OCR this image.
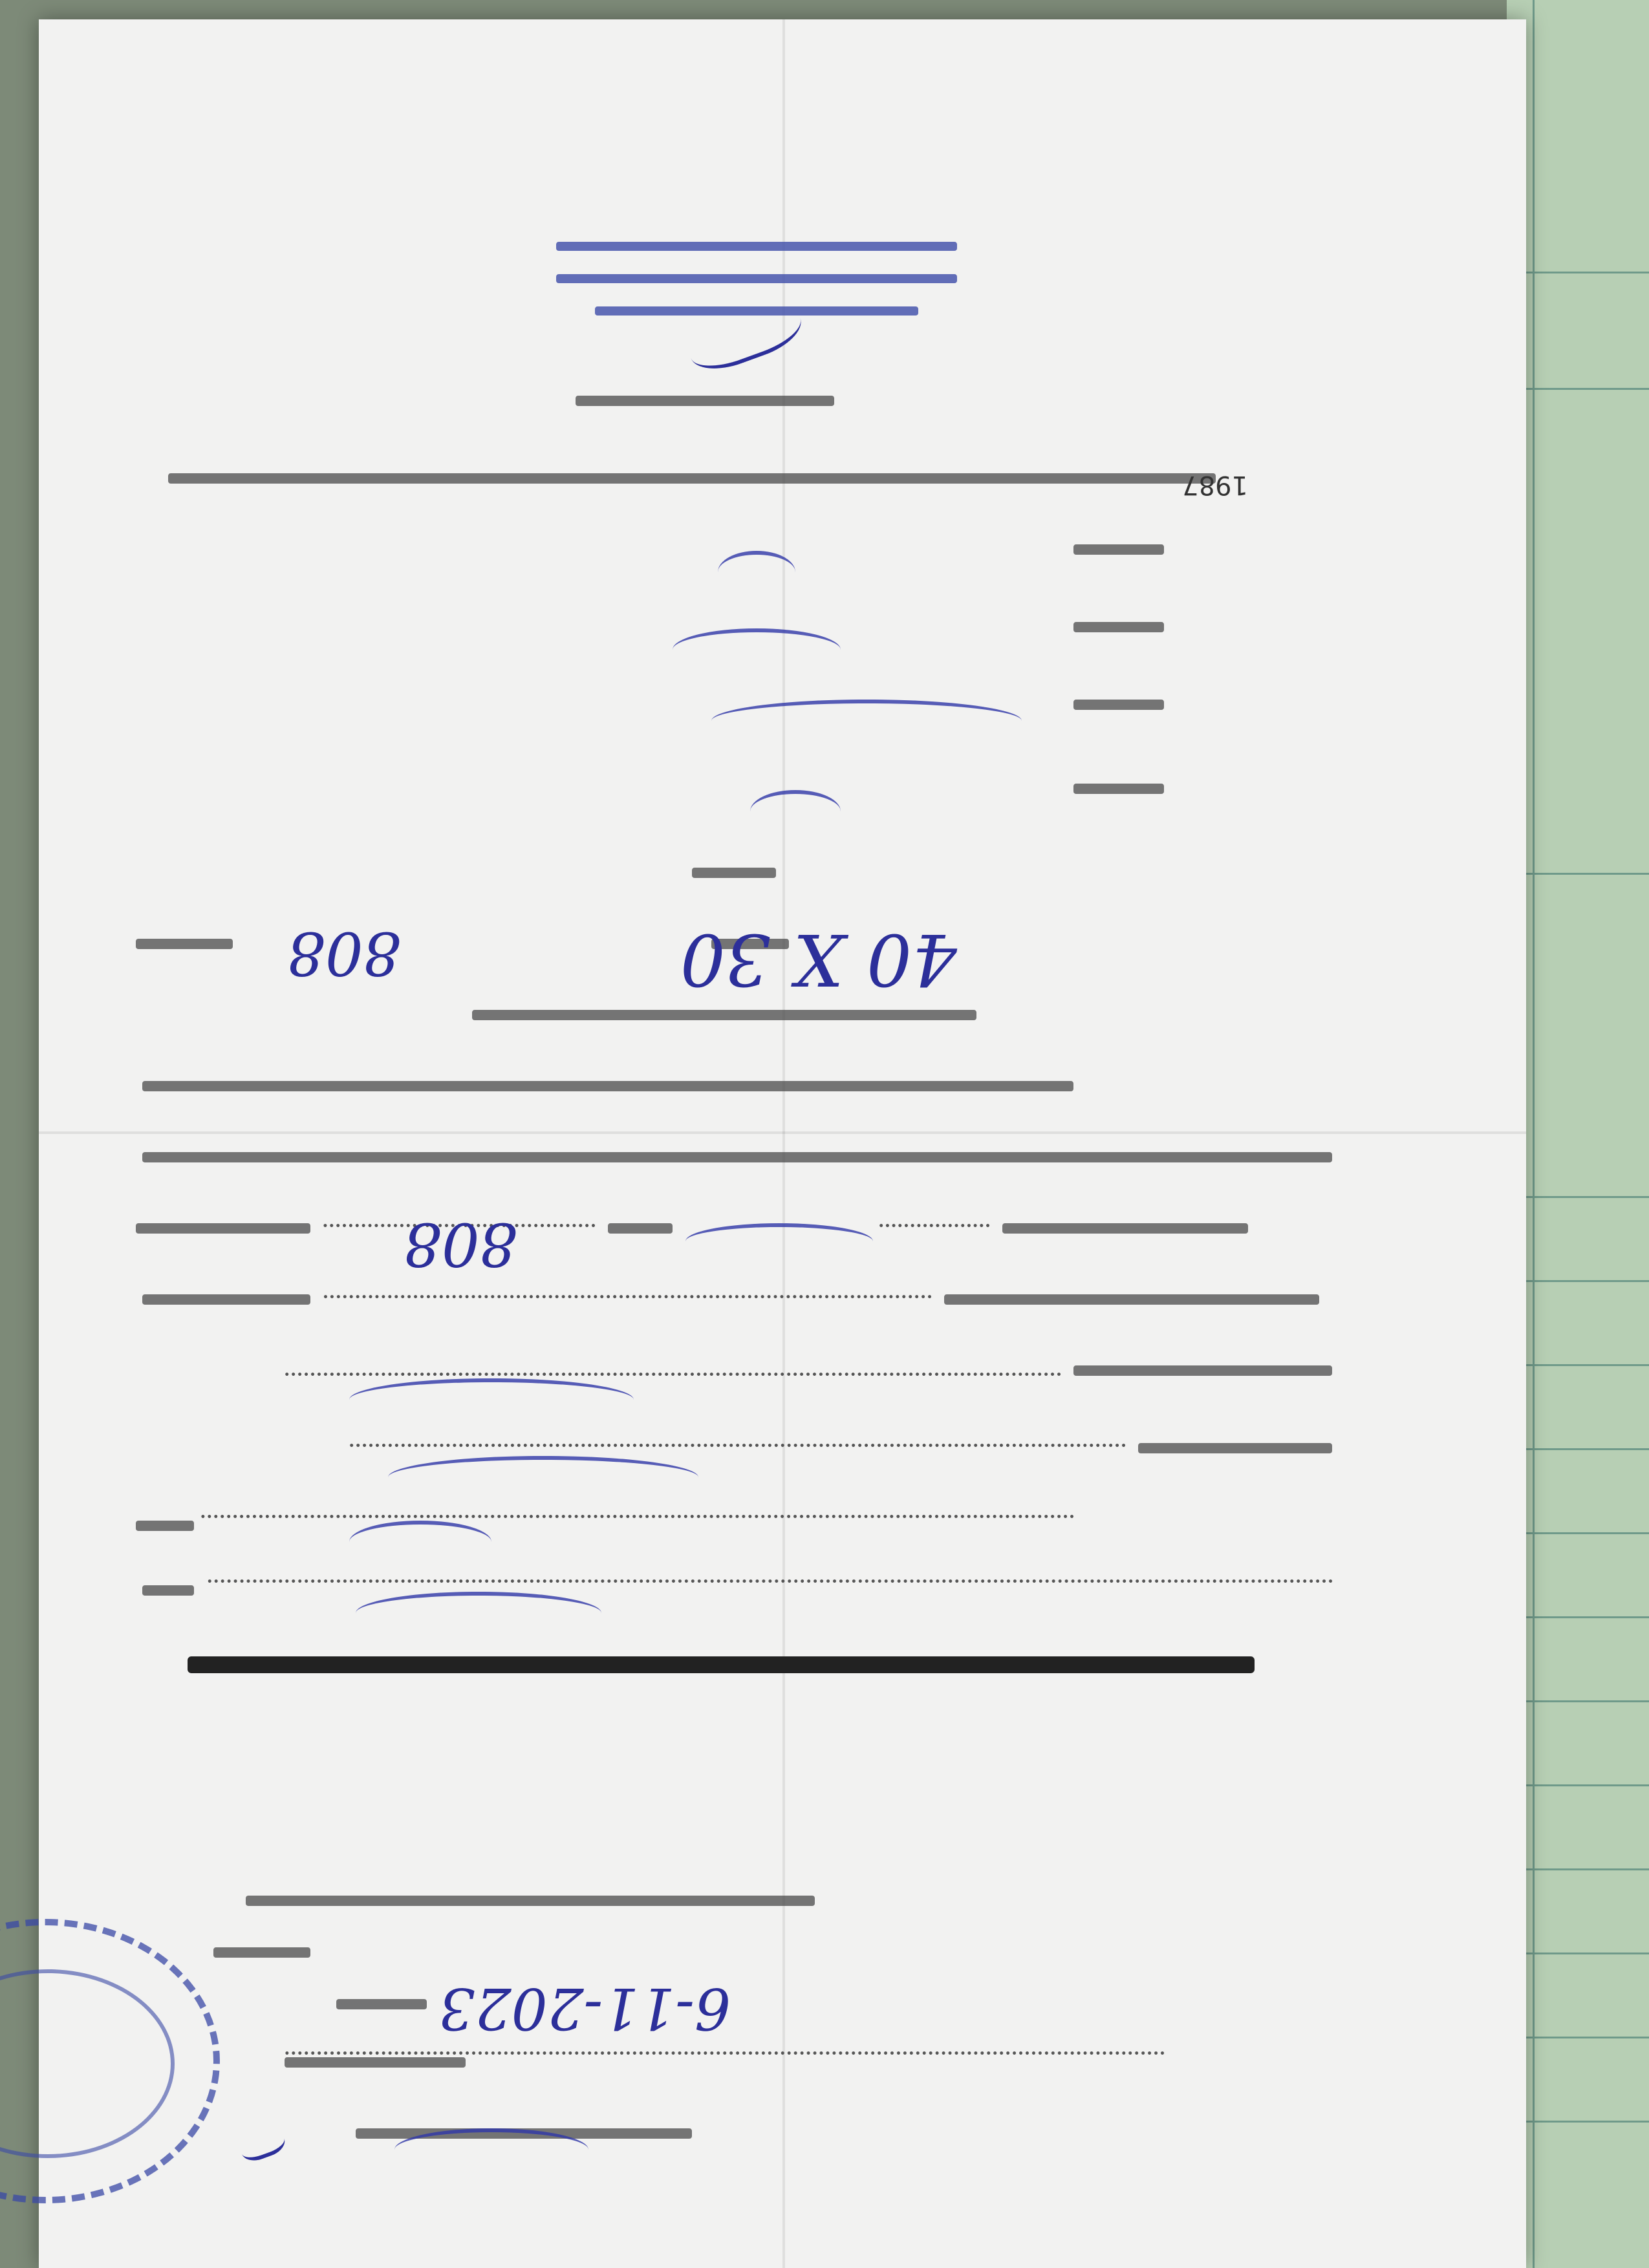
6-11-2023
808
808	40 X 30
1987
